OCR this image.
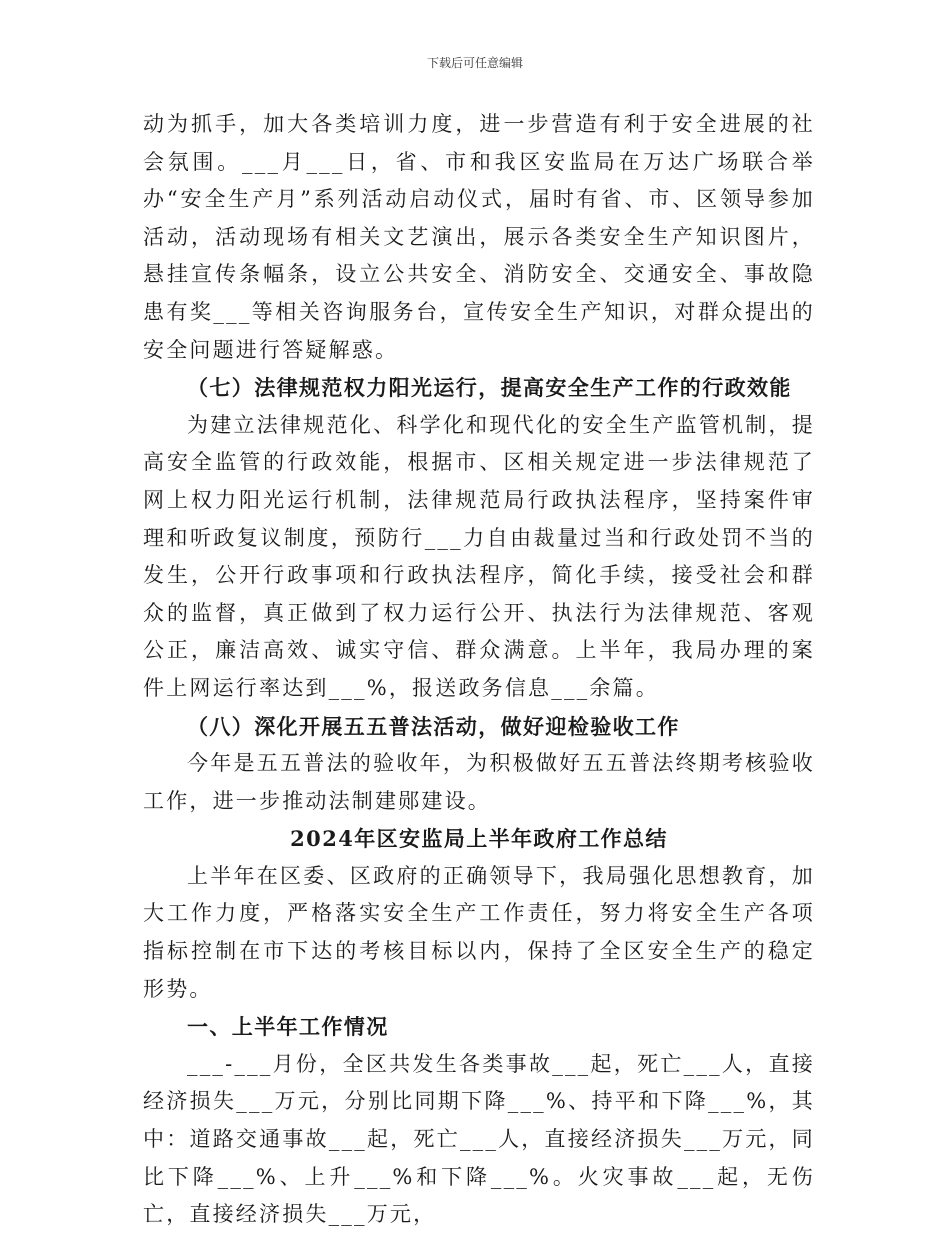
下载后可任意编辑

动为抓手，加大各类培训力度，进一步营造有利于安全进展的社会氛围。___月___日，省、市和我区安监局在万达广场联合举办“安全生产月”系列活动启动仪式，届时有省、市、区领导参加活动，活动现场有相关文艺演出，展示各类安全生产知识图片，悬挂宣传条幅条，设立公共安全、消防安全、交通安全、事故隐患有奖___等相关咨询服务台，宣传安全生产知识，对群众提出的安全问题进行答疑解惑。

（七）法律规范权力阳光运行，提高安全生产工作的行政效能

为建立法律规范化、科学化和现代化的安全生产监管机制，提高安全监管的行政效能，根据市、区相关规定进一步法律规范了网上权力阳光运行机制，法律规范局行政执法程序，坚持案件审理和听政复议制度，预防行___力自由裁量过当和行政处罚不当的发生，公开行政事项和行政执法程序，简化手续，接受社会和群众的监督，真正做到了权力运行公开、执法行为法律规范、客观公正，廉洁高效、诚实守信、群众满意。上半年，我局办理的案件上网运行率达到___%，报送政务信息___余篇。

（八）深化开展五五普法活动，做好迎检验收工作

今年是五五普法的验收年，为积极做好五五普法终期考核验收工作，进一步推动法制建郧建设。

2024年区安监局上半年政府工作总结

上半年在区委、区政府的正确领导下，我局强化思想教育，加大工作力度，严格落实安全生产工作责任，努力将安全生产各项指标控制在市下达的考核目标以内，保持了全区安全生产的稳定形势。

一、上半年工作情况

___-___月份，全区共发生各类事故___起，死亡___人，直接经济损失___万元，分别比同期下降___%、持平和下降___%，其中：道路交通事故___起，死亡___人，直接经济损失___万元，同比下降___%、上升___%和下降___%。火灾事故___起，无伤亡，直接经济损失___万元，
